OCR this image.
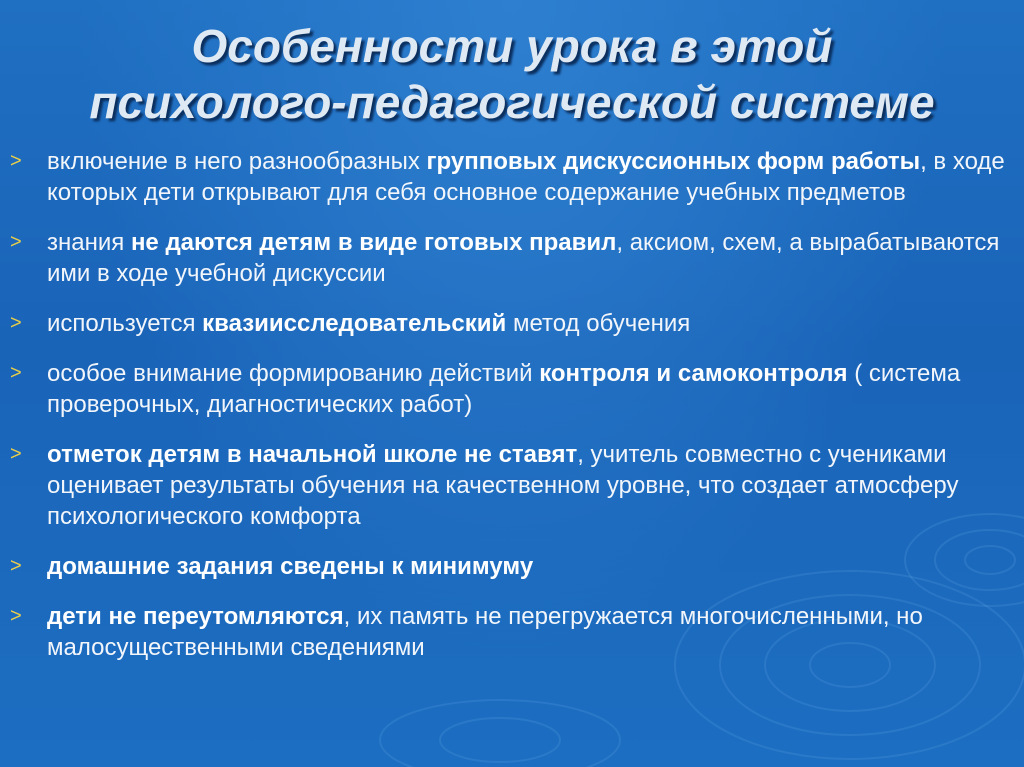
Особенности урока в этой
психолого-педагогической системе
> включение в него разнообразных групповых дискуссионных форм работы, в ходе которых дети открывают для себя основное содержание учебных предметов
> знания не даются детям в виде готовых правил, аксиом, схем, а вырабатываются ими в ходе учебной дискуссии
> используется квазиисследовательский метод обучения
> особое внимание формированию действий контроля и самоконтроля ( система проверочных, диагностических работ)
> отметок детям в начальной школе не ставят, учитель совместно с учениками оценивает результаты обучения на качественном уровне, что создает атмосферу психологического комфорта
> домашние задания сведены к минимуму
> дети не переутомляются, их память не перегружается многочисленными, но малосущественными сведениями
